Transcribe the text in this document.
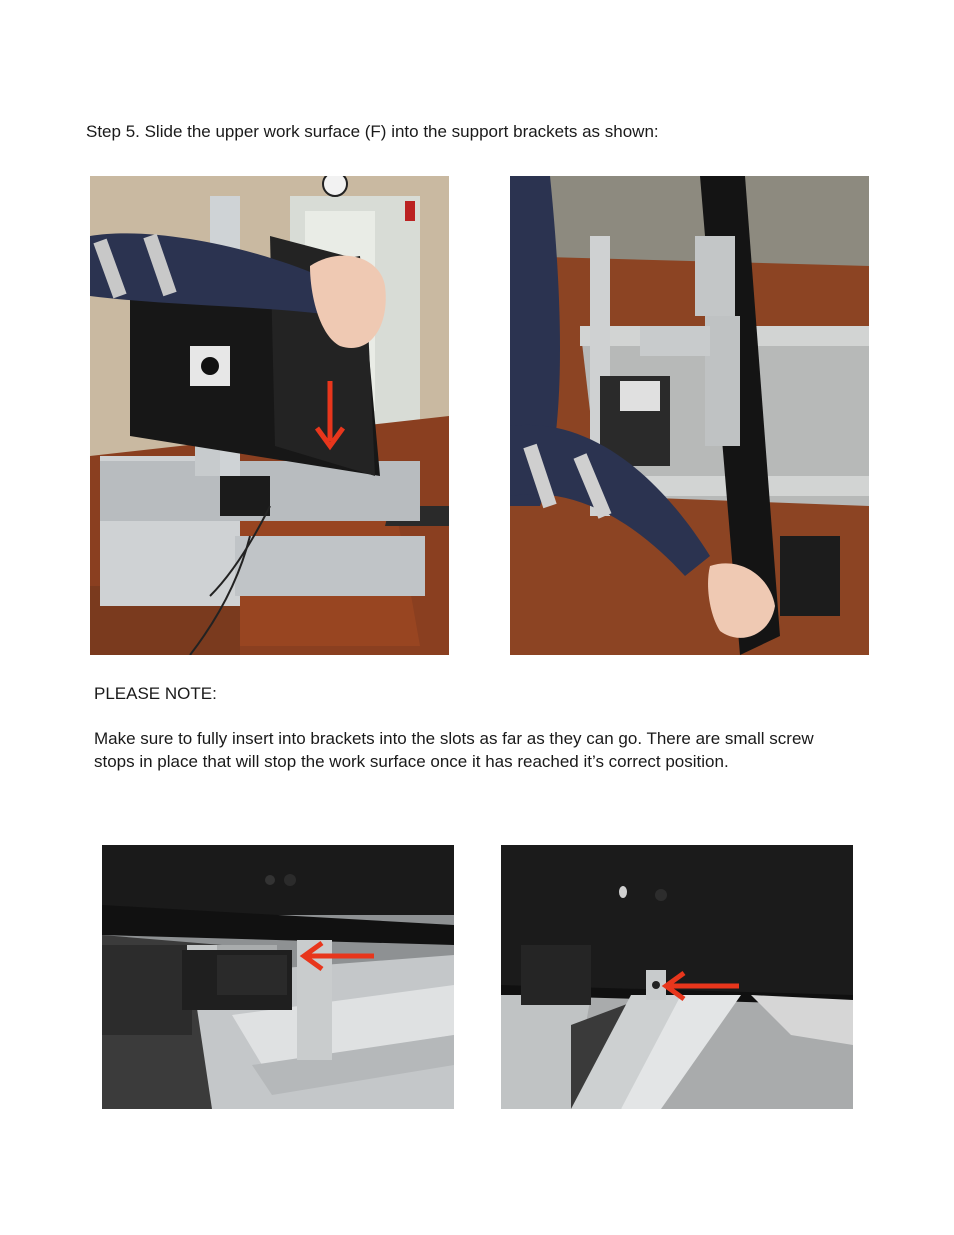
Step 5. Slide the upper work surface (F) into the support brackets as shown:

PLEASE NOTE:

Make sure to fully insert into brackets into the slots as far as they can go. There are small screw stops in place that will stop the work surface once it has reached it’s correct position.
